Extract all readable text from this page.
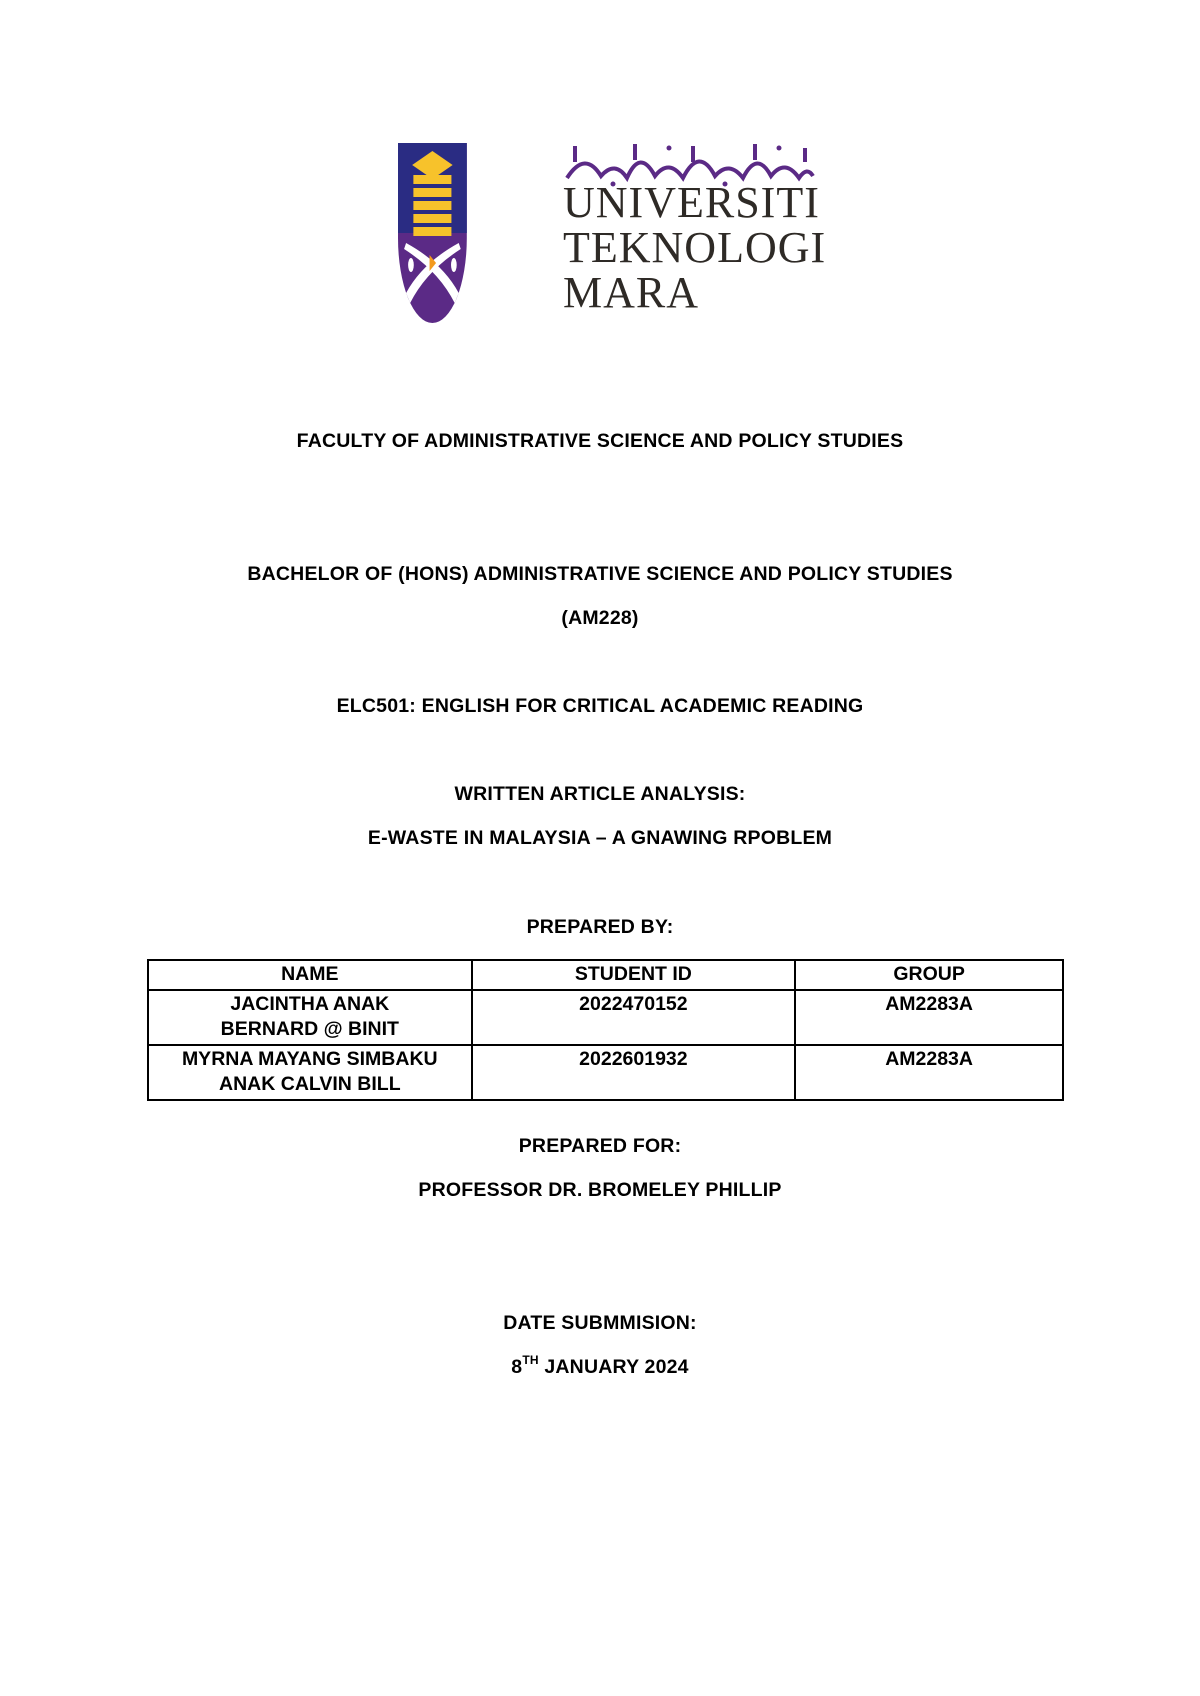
UNIVERSITI
TEKNOLOGI
MARA
FACULTY OF ADMINISTRATIVE SCIENCE AND POLICY STUDIES
BACHELOR OF (HONS) ADMINISTRATIVE SCIENCE AND POLICY STUDIES
(AM228)
ELC501: ENGLISH FOR CRITICAL ACADEMIC READING
WRITTEN ARTICLE ANALYSIS:
E-WASTE IN MALAYSIA – A GNAWING RPOBLEM
PREPARED BY:
NAME	STUDENT ID	GROUP

JACINTHA ANAK
BERNARD @ BINIT	2022470152	AM2283A

MYRNA MAYANG SIMBAKU
ANAK CALVIN BILL	2022601932	AM2283A
PREPARED FOR:
PROFESSOR DR. BROMELEY PHILLIP
DATE SUBMMISION:
8TH JANUARY 2024
